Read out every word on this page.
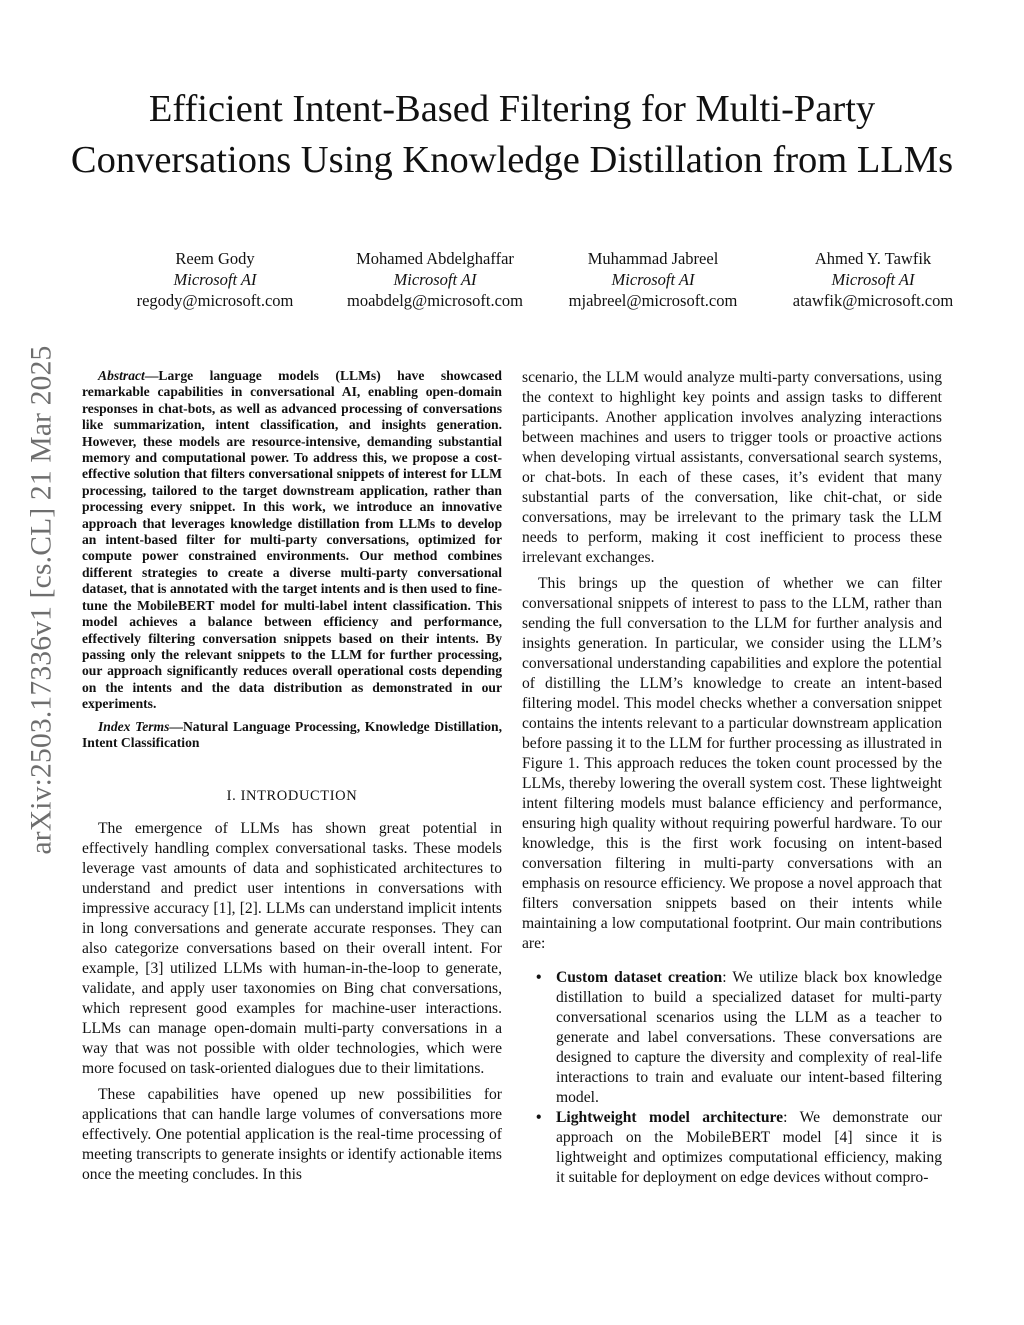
arXiv:2503.17336v1 [cs.CL] 21 Mar 2025
Efficient Intent-Based Filtering for Multi-Party Conversations Using Knowledge Distillation from LLMs
Reem Gody
Microsoft AI
regody@microsoft.com
Mohamed Abdelghaffar
Microsoft AI
moabdelg@microsoft.com
Muhammad Jabreel
Microsoft AI
mjabreel@microsoft.com
Ahmed Y. Tawfik
Microsoft AI
atawfik@microsoft.com

Abstract—Large language models (LLMs) have showcased remarkable capabilities in conversational AI, enabling open-domain responses in chat-bots, as well as advanced processing of conversations like summarization, intent classification, and insights generation. However, these models are resource-intensive, demanding substantial memory and computational power. To address this, we propose a cost-effective solution that filters conversational snippets of interest for LLM processing, tailored to the target downstream application, rather than processing every snippet. In this work, we introduce an innovative approach that leverages knowledge distillation from LLMs to develop an intent-based filter for multi-party conversations, optimized for compute power constrained environments. Our method combines different strategies to create a diverse multi-party conversational dataset, that is annotated with the target intents and is then used to fine-tune the MobileBERT model for multi-label intent classification. This model achieves a balance between efficiency and performance, effectively filtering conversation snippets based on their intents. By passing only the relevant snippets to the LLM for further processing, our approach significantly reduces overall operational costs depending on the intents and the data distribution as demonstrated in our experiments.

Index Terms—Natural Language Processing, Knowledge Distillation, Intent Classification

I. INTRODUCTION

The emergence of LLMs has shown great potential in effectively handling complex conversational tasks. These models leverage vast amounts of data and sophisticated architectures to understand and predict user intentions in conversations with impressive accuracy [1], [2]. LLMs can understand implicit intents in long conversations and generate accurate responses. They can also categorize conversations based on their overall intent. For example, [3] utilized LLMs with human-in-the-loop to generate, validate, and apply user taxonomies on Bing chat conversations, which represent good examples for machine-user interactions. LLMs can manage open-domain multi-party conversations in a way that was not possible with older technologies, which were more focused on task-oriented dialogues due to their limitations.

These capabilities have opened up new possibilities for applications that can handle large volumes of conversations more effectively. One potential application is the real-time processing of meeting transcripts to generate insights or identify actionable items once the meeting concludes. In this

scenario, the LLM would analyze multi-party conversations, using the context to highlight key points and assign tasks to different participants. Another application involves analyzing interactions between machines and users to trigger tools or proactive actions when developing virtual assistants, conversational search systems, or chat-bots. In each of these cases, it’s evident that many substantial parts of the conversation, like chit-chat, or side conversations, may be irrelevant to the primary task the LLM needs to perform, making it cost inefficient to process these irrelevant exchanges.

This brings up the question of whether we can filter conversational snippets of interest to pass to the LLM, rather than sending the full conversation to the LLM for further analysis and insights generation. In particular, we consider using the LLM’s conversational understanding capabilities and explore the potential of distilling the LLM’s knowledge to create an intent-based filtering model. This model checks whether a conversation snippet contains the intents relevant to a particular downstream application before passing it to the LLM for further processing as illustrated in Figure 1. This approach reduces the token count processed by the LLMs, thereby lowering the overall system cost. These lightweight intent filtering models must balance efficiency and performance, ensuring high quality without requiring powerful hardware. To our knowledge, this is the first work focusing on intent-based conversation filtering in multi-party conversations with an emphasis on resource efficiency. We propose a novel approach that filters conversation snippets based on their intents while maintaining a low computational footprint. Our main contributions are:

• Custom dataset creation: We utilize black box knowledge distillation to build a specialized dataset for multi-party conversational scenarios using the LLM as a teacher to generate and label conversations. These conversations are designed to capture the diversity and complexity of real-life interactions to train and evaluate our intent-based filtering model.
• Lightweight model architecture: We demonstrate our approach on the MobileBERT model [4] since it is lightweight and optimizes computational efficiency, making it suitable for deployment on edge devices without compro-
